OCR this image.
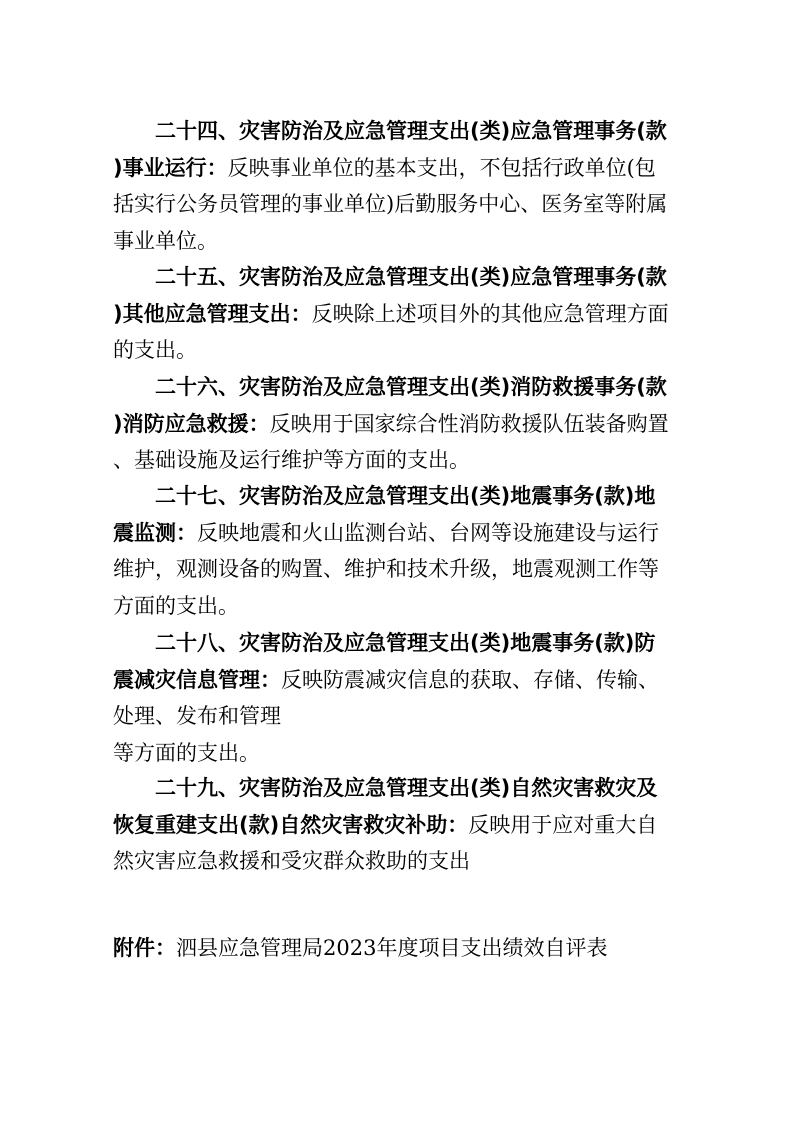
二十四、灾害防治及应急管理支出(类)应急管理事务(款
)事业运行：反映事业单位的基本支出，不包括行政单位(包
括实行公务员管理的事业单位)后勤服务中心、医务室等附属
事业单位。
二十五、灾害防治及应急管理支出(类)应急管理事务(款
)其他应急管理支出：反映除上述项目外的其他应急管理方面
的支出。
二十六、灾害防治及应急管理支出(类)消防救援事务(款
)消防应急救援：反映用于国家综合性消防救援队伍装备购置
、基础设施及运行维护等方面的支出。
二十七、灾害防治及应急管理支出(类)地震事务(款)地
震监测：反映地震和火山监测台站、台网等设施建设与运行
维护，观测设备的购置、维护和技术升级，地震观测工作等
方面的支出。
二十八、灾害防治及应急管理支出(类)地震事务(款)防
震减灾信息管理：反映防震减灾信息的获取、存储、传输、
处理、发布和管理
等方面的支出。
二十九、灾害防治及应急管理支出(类)自然灾害救灾及
恢复重建支出(款)自然灾害救灾补助：反映用于应对重大自
然灾害应急救援和受灾群众救助的支出
附件：泗县应急管理局2023年度项目支出绩效自评表
